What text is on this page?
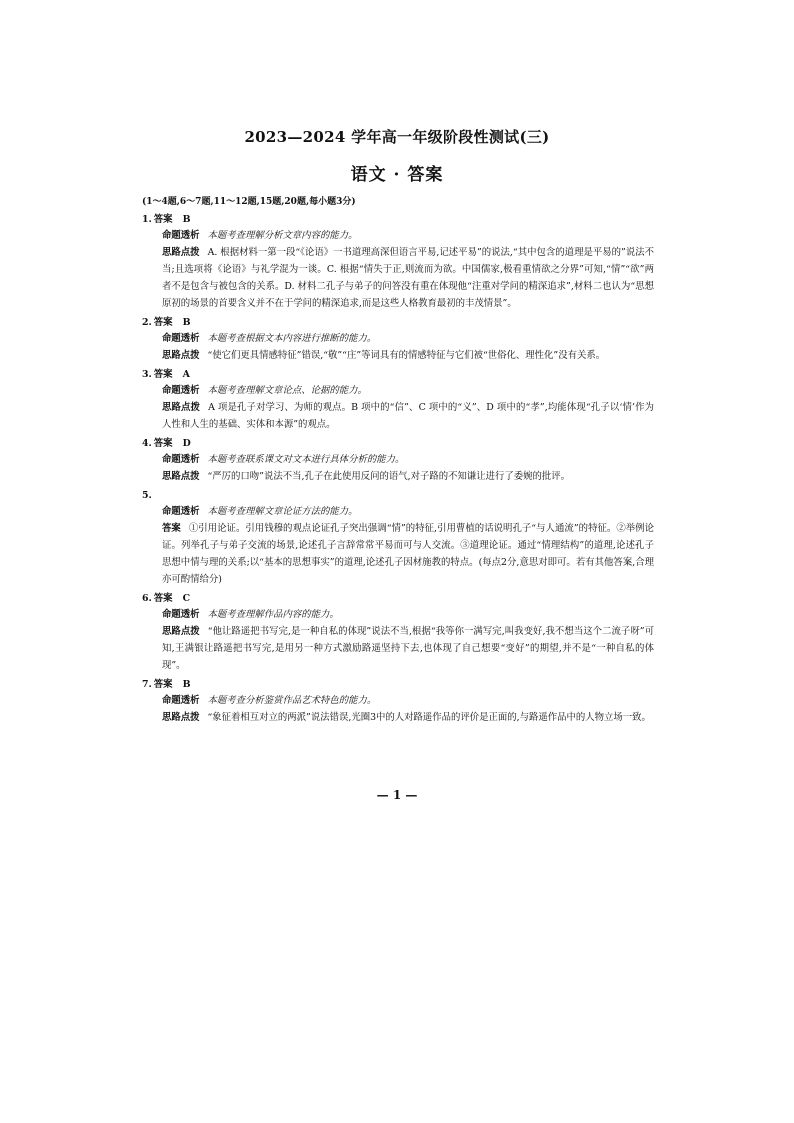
2023—2024 学年高一年级阶段性测试(三)
语文 · 答案
(1～4题,6～7题,11～12题,15题,20题,每小题3分)
1. 答案 B
命题透析 本题考查理解分析文章内容的能力。
思路点拨 A. 根据材料一第一段“《论语》一书道理高深但语言平易,记述平易”的说法,“其中包含的道理是平易的”说法不当;且选项将《论语》与礼学混为一谈。C. 根据“情失于正,则流而为欲。中国儒家,极看重情欲之分界”可知,“情”“欲”两者不是包含与被包含的关系。D. 材料二孔子与弟子的问答没有重在体现他“注重对学问的精深追求”,材料二也认为“思想原初的场景的首要含义并不在于学问的精深追求,而是这些人格教育最初的丰茂情景”。
2. 答案 B
命题透析 本题考查根据文本内容进行推断的能力。
思路点拨 “使它们更具情感特征”错误,“敬”“庄”等词具有的情感特征与它们被“世俗化、理性化”没有关系。
3. 答案 A
命题透析 本题考查理解文章论点、论据的能力。
思路点拨 A 项是孔子对学习、为师的观点。B 项中的“信”、C 项中的“义”、D 项中的“孝”,均能体现“孔子以‘情’作为人性和人生的基础、实体和本源”的观点。
4. 答案 D
命题透析 本题考查联系课文对文本进行具体分析的能力。
思路点拨 “严厉的口吻”说法不当,孔子在此使用反问的语气,对子路的不知谦让进行了委婉的批评。
5.
命题透析 本题考查理解文章论证方法的能力。
答案 ①引用论证。引用钱穆的观点论证孔子突出强调“情”的特征,引用曹植的话说明孔子“与人通流”的特征。②举例论证。列举孔子与弟子交流的场景,论述孔子言辞常常平易而可与人交流。③道理论证。通过“情理结构”的道理,论述孔子思想中情与理的关系;以“基本的思想事实”的道理,论述孔子因材施教的特点。(每点2分,意思对即可。若有其他答案,合理亦可酌情给分)
6. 答案 C
命题透析 本题考查理解作品内容的能力。
思路点拨 “他让路遥把书写完,是一种自私的体现”说法不当,根据“我等你一满写完,叫我变好,我不想当这个二流子呀”可知,王满银让路遥把书写完,是用另一种方式激励路遥坚持下去,也体现了自己想要“变好”的期望,并不是“一种自私的体现”。
7. 答案 B
命题透析 本题考查分析鉴赏作品艺术特色的能力。
思路点拨 “象征着相互对立的两派”说法错误,光圈3中的人对路遥作品的评价是正面的,与路遥作品中的人物立场一致。
— 1 —
